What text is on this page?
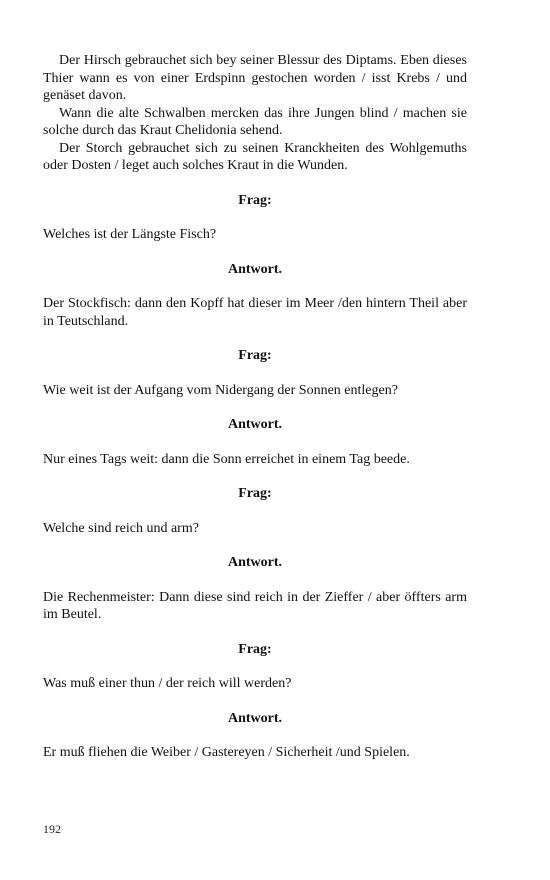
Der Hirsch gebrauchet sich bey seiner Blessur des Diptams. Eben dieses Thier wann es von einer Erdspinn gestochen worden / isst Krebs / und genäset davon.

Wann die alte Schwalben mercken das ihre Jungen blind / machen sie solche durch das Kraut Chelidonia sehend.

Der Storch gebrauchet sich zu seinen Kranckheiten des Wohlgemuths oder Dosten / leget auch solches Kraut in die Wunden.

Frag:

Welches ist der Längste Fisch?

Antwort.

Der Stockfisch: dann den Kopff hat dieser im Meer /den hintern Theil aber in Teutschland.

Frag:

Wie weit ist der Aufgang vom Nidergang der Sonnen entlegen?

Antwort.

Nur eines Tags weit: dann die Sonn erreichet in einem Tag beede.

Frag:

Welche sind reich und arm?

Antwort.

Die Rechenmeister: Dann diese sind reich in der Zieffer / aber öffters arm im Beutel.

Frag:

Was muß einer thun / der reich will werden?

Antwort.

Er muß fliehen die Weiber / Gastereyen / Sicherheit /und Spielen.

192
